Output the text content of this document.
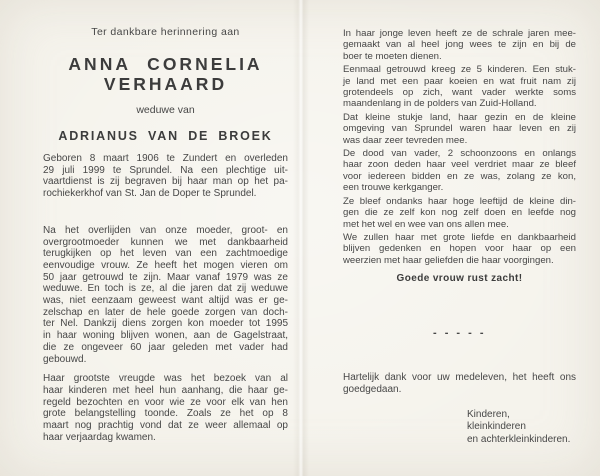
Ter dankbare herinnering aan
ANNA CORNELIA
VERHAARD
weduwe van
ADRIANUS VAN DE BROEK
Geboren 8 maart 1906 te Zundert en overleden
29 juli 1999 te Sprundel. Na een plechtige uit-
vaartdienst is zij begraven bij haar man op het pa-
rochiekerkhof van St. Jan de Doper te Sprundel.
Na het overlijden van onze moeder, groot- en
overgrootmoeder kunnen we met dankbaarheid
terugkijken op het leven van een zachtmoedige
eenvoudige vrouw. Ze heeft het mogen vieren om
50 jaar getrouwd te zijn. Maar vanaf 1979 was ze
weduwe. En toch is ze, al die jaren dat zij weduwe
was, niet eenzaam geweest want altijd was er ge-
zelschap en later de hele goede zorgen van doch-
ter Nel. Dankzij diens zorgen kon moeder tot 1995
in haar woning blijven wonen, aan de Gagelstraat,
die ze ongeveer 60 jaar geleden met vader had
gebouwd.
Haar grootste vreugde was het bezoek van al
haar kinderen met heel hun aanhang, die haar ge-
regeld bezochten en voor wie ze voor elk van hen
grote belangstelling toonde. Zoals ze het op 8
maart nog prachtig vond dat ze weer allemaal op
haar verjaardag kwamen.
In haar jonge leven heeft ze de schrale jaren mee-
gemaakt van al heel jong wees te zijn en bij de
boer te moeten dienen.
Eenmaal getrouwd kreeg ze 5 kinderen. Een stuk-
je land met een paar koeien en wat fruit nam zij
grotendeels op zich, want vader werkte soms
maandenlang in de polders van Zuid-Holland.
Dat kleine stukje land, haar gezin en de kleine
omgeving van Sprundel waren haar leven en zij
was daar zeer tevreden mee.
De dood van vader, 2 schoonzoons en onlangs
haar zoon deden haar veel verdriet maar ze bleef
voor iedereen bidden en ze was, zolang ze kon,
een trouwe kerkganger.
Ze bleef ondanks haar hoge leeftijd de kleine din-
gen die ze zelf kon nog zelf doen en leefde nog
met het wel en wee van ons allen mee.
We zullen haar met grote liefde en dankbaarheid
blijven gedenken en hopen voor haar op een
weerzien met haar geliefden die haar voorgingen.
Goede vrouw rust zacht!
- - - - -
Hartelijk dank voor uw medeleven, het heeft ons
goedgedaan.
Kinderen,
kleinkinderen
en achterkleinkinderen.
